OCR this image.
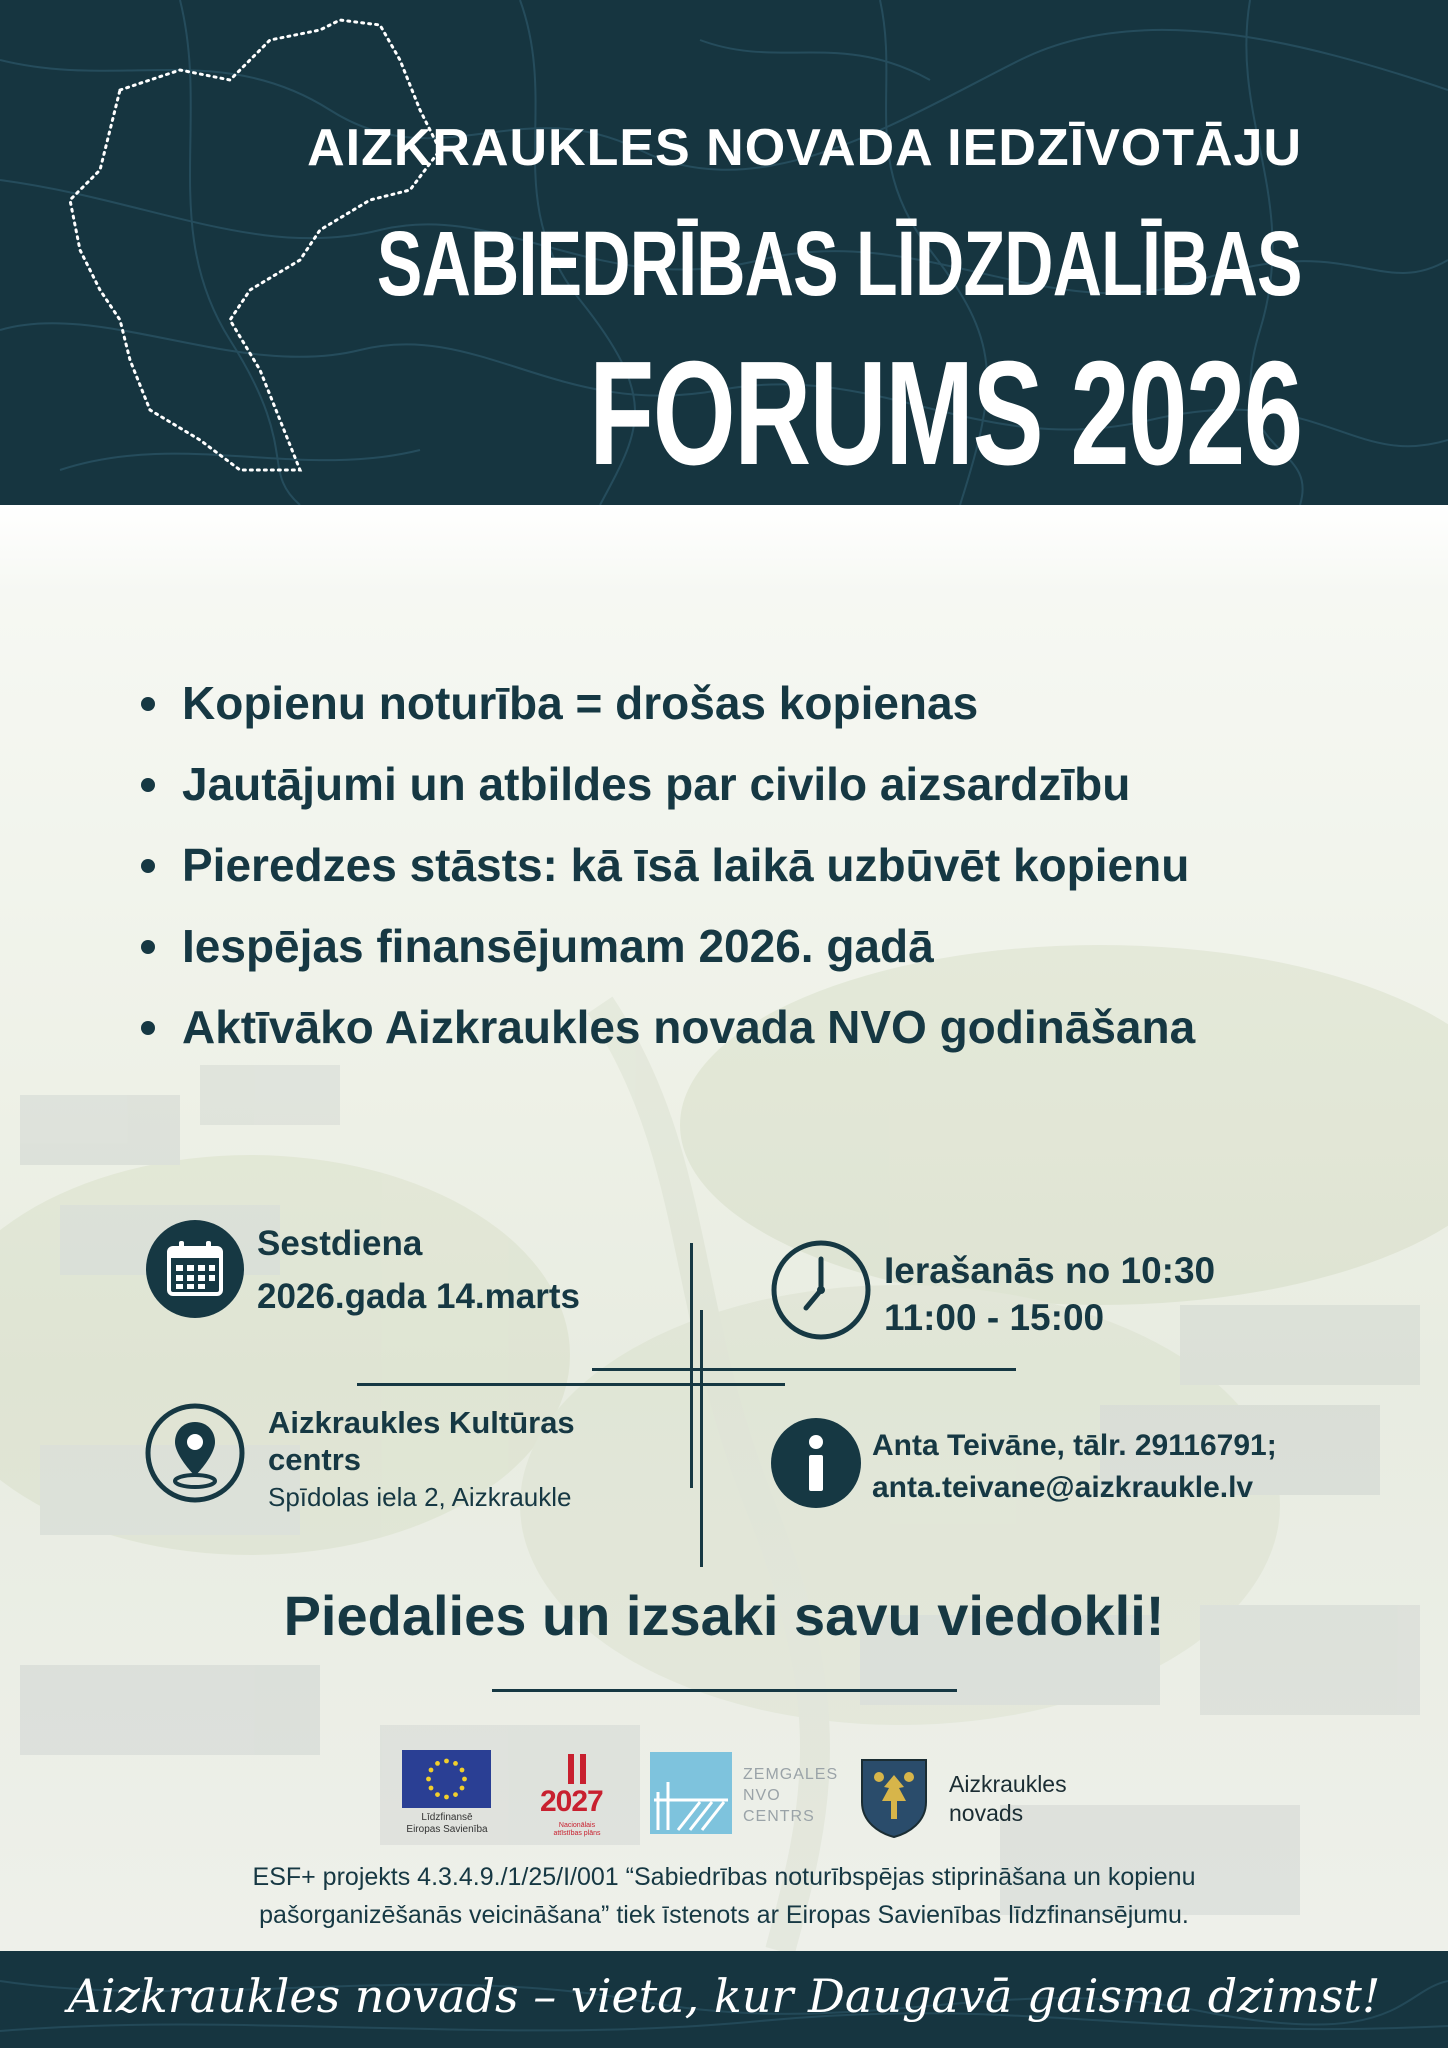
AIZKRAUKLES NOVADA IEDZĪVOTĀJU
SABIEDRĪBAS LĪDZDALĪBAS
FORUMS 2026
Kopienu noturība = drošas kopienas
Jautājumi un atbildes par civilo aizsardzību
Pieredzes stāsts: kā īsā laikā uzbūvēt kopienu
Iespējas finansējumam 2026. gadā
Aktīvāko Aizkraukles novada NVO godināšana
Sestdiena
2026.gada 14.marts
Ierašanās no 10:30
11:00 - 15:00
Aizkraukles Kultūras centrs
Spīdolas iela 2, Aizkraukle
Anta Teivāne, tālr. 29116791;
anta.teivane@aizkraukle.lv
Piedalies un izsaki savu viedokli!
Līdzfinansē
Eiropas Savienība
2027
Nacionālais
attīstības plāns
ZEMGALES
NVO
CENTRS
Aizkraukles
novads
ESF+ projekts 4.3.4.9./1/25/I/001 “Sabiedrības noturībspējas stiprināšana un kopienu
pašorganizēšanās veicināšana” tiek īstenots ar Eiropas Savienības līdzfinansējumu.
Aizkraukles novads – vieta, kur Daugavā gaisma dzimst!
